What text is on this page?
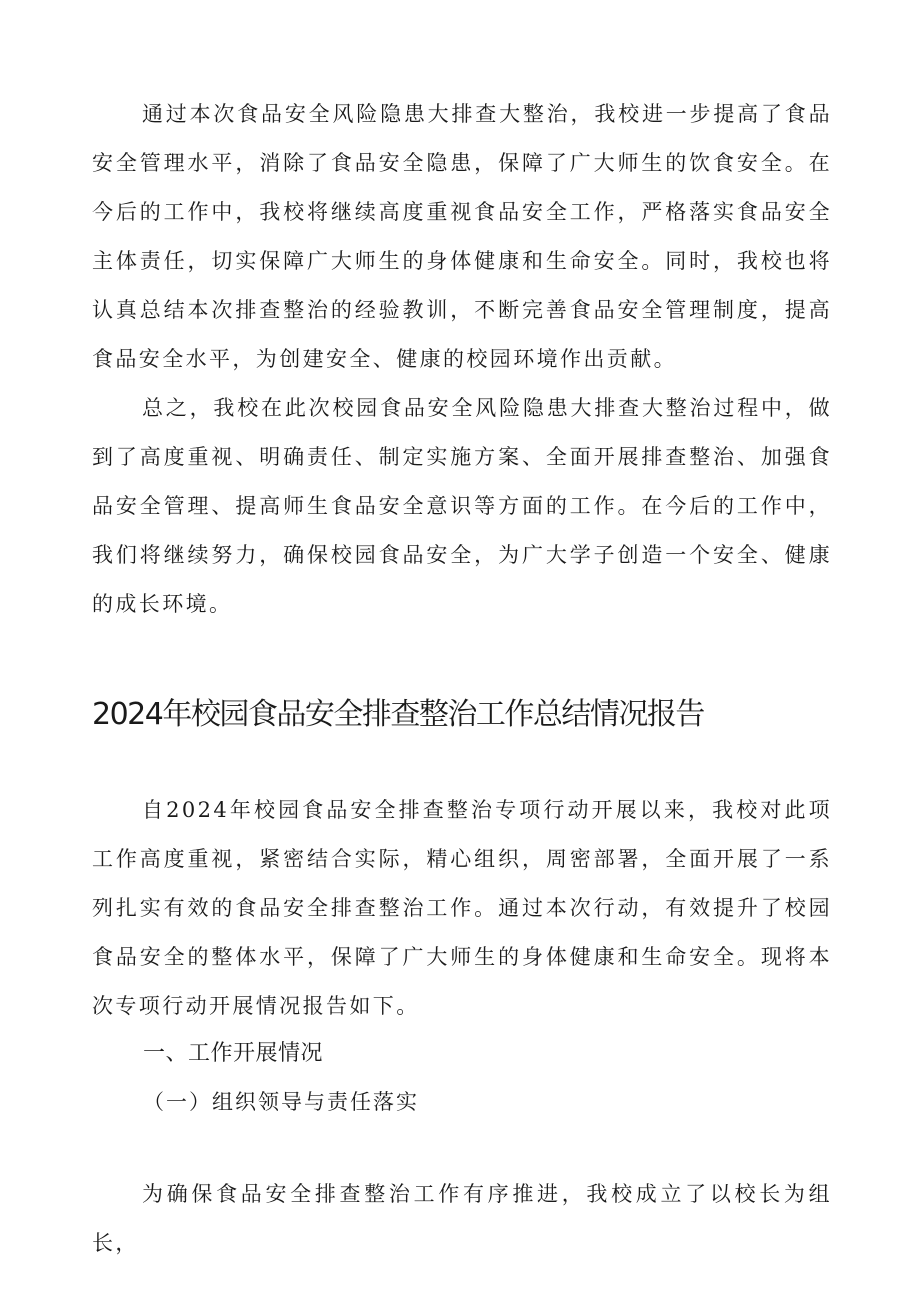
通过本次食品安全风险隐患大排查大整治，我校进一步提高了食品安全管理水平，消除了食品安全隐患，保障了广大师生的饮食安全。在今后的工作中，我校将继续高度重视食品安全工作，严格落实食品安全主体责任，切实保障广大师生的身体健康和生命安全。同时，我校也将认真总结本次排查整治的经验教训，不断完善食品安全管理制度，提高食品安全水平，为创建安全、健康的校园环境作出贡献。

总之，我校在此次校园食品安全风险隐患大排查大整治过程中，做到了高度重视、明确责任、制定实施方案、全面开展排查整治、加强食品安全管理、提高师生食品安全意识等方面的工作。在今后的工作中，我们将继续努力，确保校园食品安全，为广大学子创造一个安全、健康的成长环境。

2024年校园食品安全排查整治工作总结情况报告

自2024年校园食品安全排查整治专项行动开展以来，我校对此项工作高度重视，紧密结合实际，精心组织，周密部署，全面开展了一系列扎实有效的食品安全排查整治工作。通过本次行动，有效提升了校园食品安全的整体水平，保障了广大师生的身体健康和生命安全。现将本次专项行动开展情况报告如下。

一、工作开展情况
（一）组织领导与责任落实

为确保食品安全排查整治工作有序推进，我校成立了以校长为组长，
